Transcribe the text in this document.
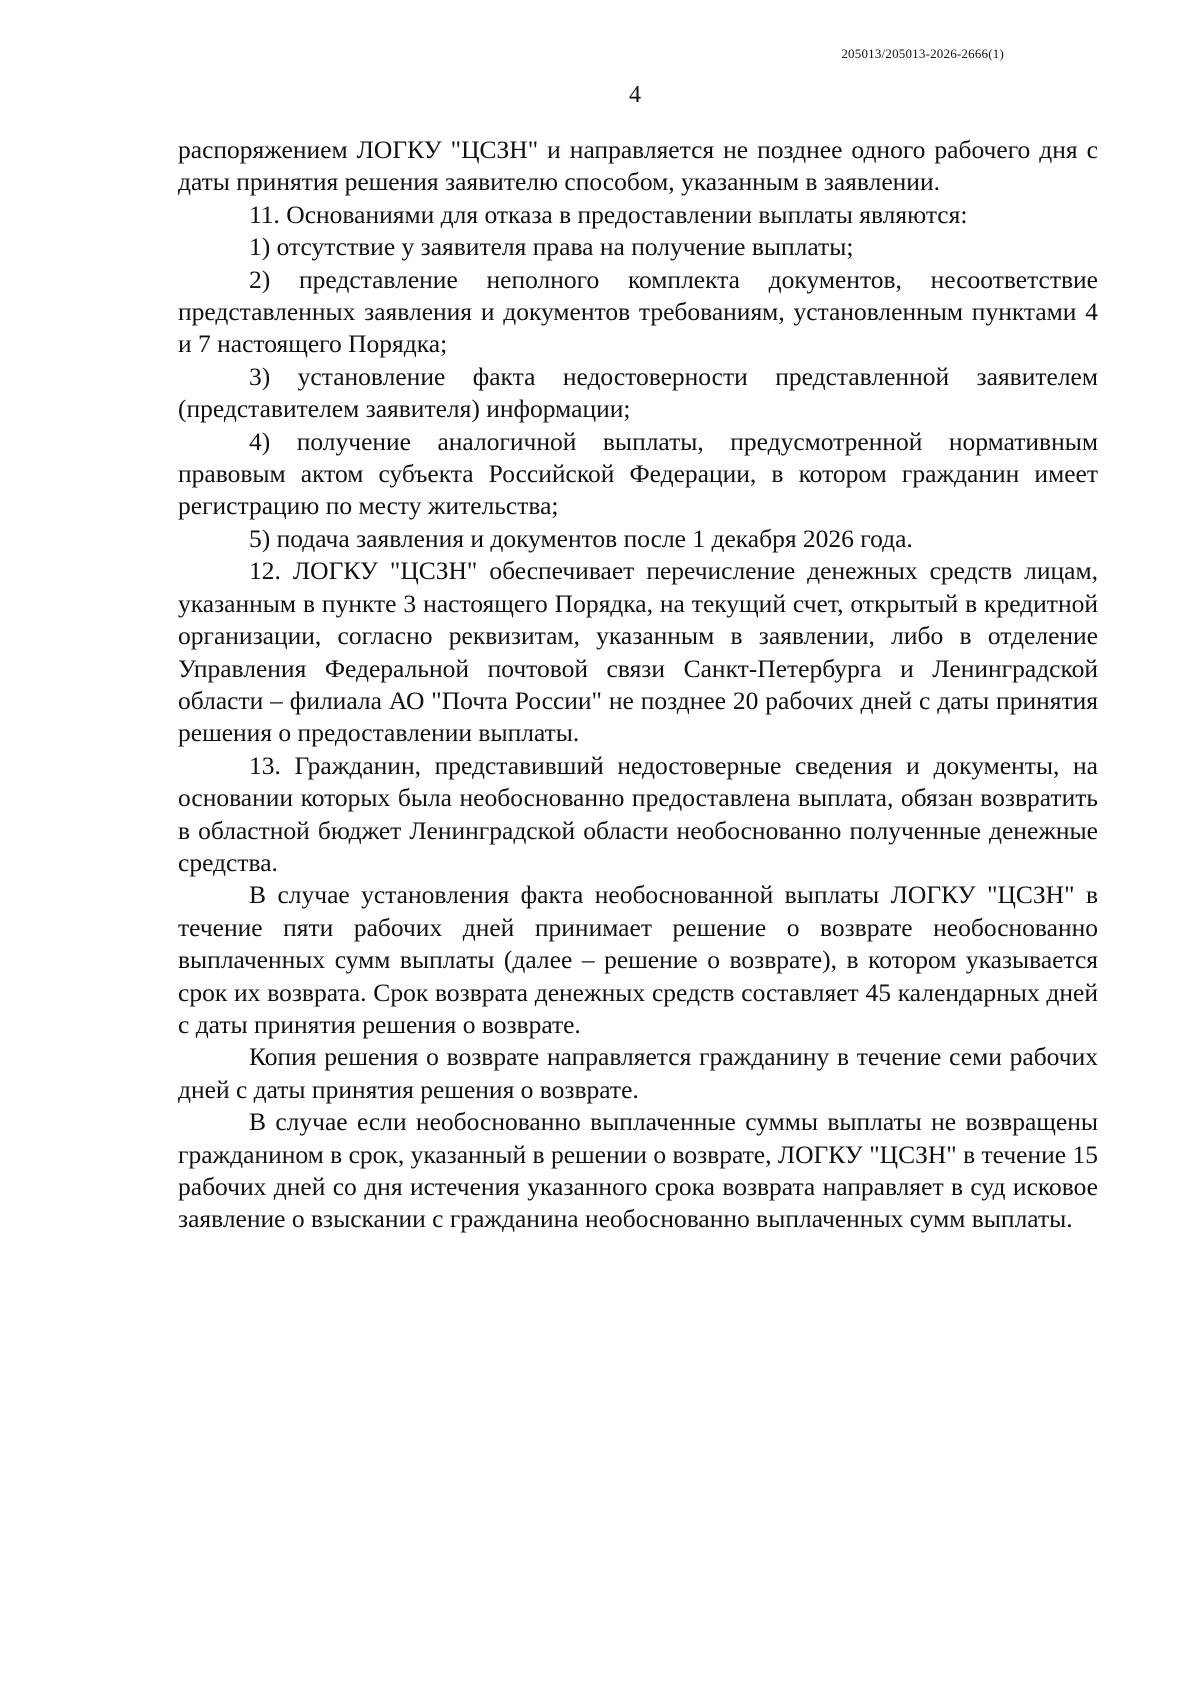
205013/205013-2026-2666(1)
4

распоряжением ЛОГКУ "ЦСЗН" и направляется не позднее одного рабочего дня с даты принятия решения заявителю способом, указанным в заявлении.

11. Основаниями для отказа в предоставлении выплаты являются:

1) отсутствие у заявителя права на получение выплаты;

2) представление неполного комплекта документов, несоответствие представленных заявления и документов требованиям, установленным пунктами 4 и 7 настоящего Порядка;

3) установление факта недостоверности представленной заявителем (представителем заявителя) информации;

4) получение аналогичной выплаты, предусмотренной нормативным правовым актом субъекта Российской Федерации, в котором гражданин имеет регистрацию по месту жительства;

5) подача заявления и документов после 1 декабря 2026 года.

12. ЛОГКУ "ЦСЗН" обеспечивает перечисление денежных средств лицам, указанным в пункте 3 настоящего Порядка, на текущий счет, открытый в кредитной организации, согласно реквизитам, указанным в заявлении, либо в отделение Управления Федеральной почтовой связи Санкт-Петербурга и Ленинградской области – филиала АО "Почта России" не позднее 20 рабочих дней с даты принятия решения о предоставлении выплаты.

13. Гражданин, представивший недостоверные сведения и документы, на основании которых была необоснованно предоставлена выплата, обязан возвратить в областной бюджет Ленинградской области необоснованно полученные денежные средства.

В случае установления факта необоснованной выплаты ЛОГКУ "ЦСЗН" в течение пяти рабочих дней принимает решение о возврате необоснованно выплаченных сумм выплаты (далее – решение о возврате), в котором указывается срок их возврата. Срок возврата денежных средств составляет 45 календарных дней с даты принятия решения о возврате.

Копия решения о возврате направляется гражданину в течение семи рабочих дней с даты принятия решения о возврате.

В случае если необоснованно выплаченные суммы выплаты не возвращены гражданином в срок, указанный в решении о возврате, ЛОГКУ "ЦСЗН" в течение 15 рабочих дней со дня истечения указанного срока возврата направляет в суд исковое заявление о взыскании с гражданина необоснованно выплаченных сумм выплаты.
